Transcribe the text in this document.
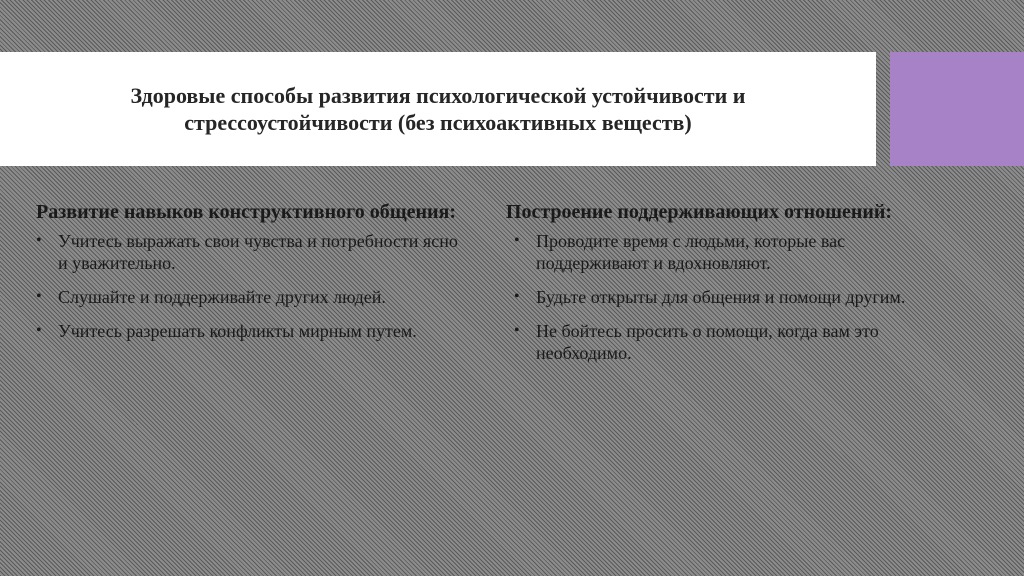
Здоровые способы развития психологической устойчивости и стрессоустойчивости (без психоактивных веществ)
Развитие навыков конструктивного общения:
• Учитесь выражать свои чувства и потребности ясно и уважительно.
• Слушайте и поддерживайте других людей.
• Учитесь разрешать конфликты мирным путем.
Построение поддерживающих отношений:
• Проводите время с людьми, которые вас поддерживают и вдохновляют.
• Будьте открыты для общения и помощи другим.
• Не бойтесь просить о помощи, когда вам это необходимо.
